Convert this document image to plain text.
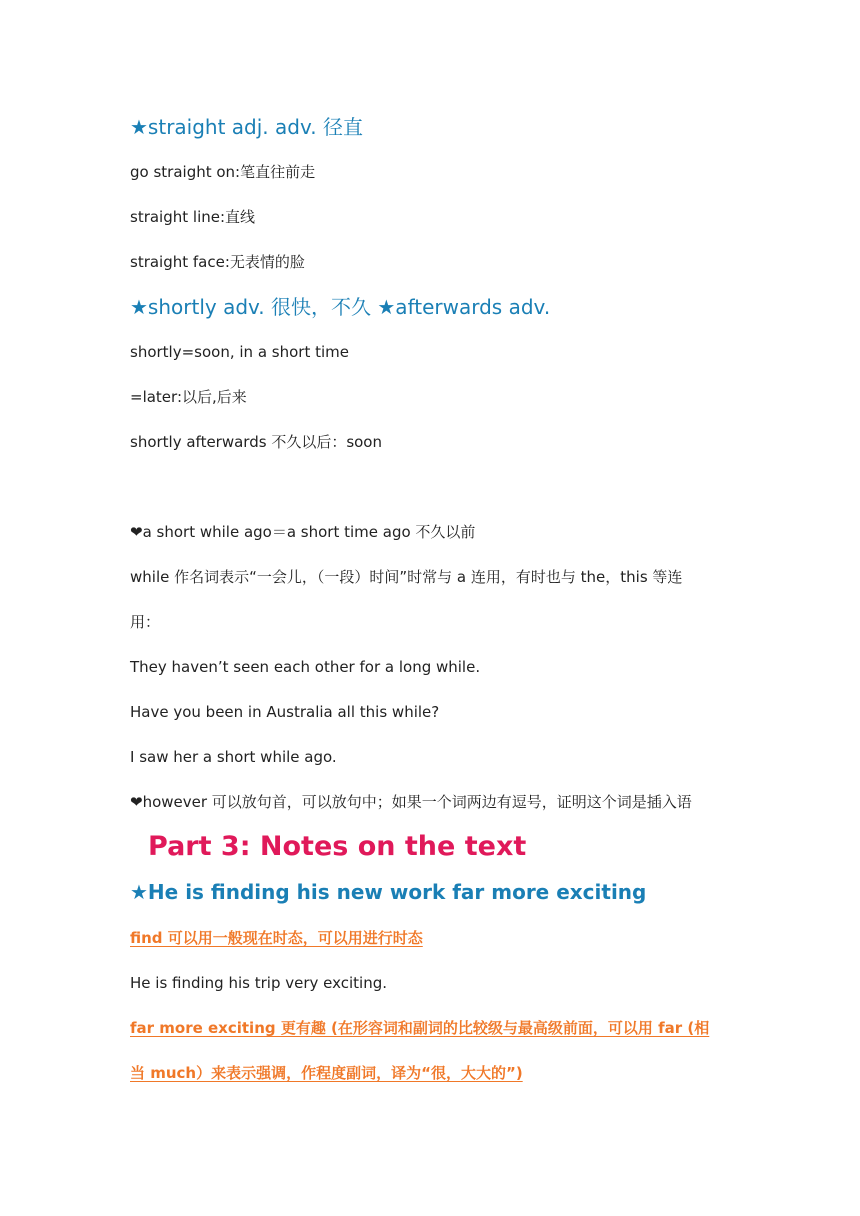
★straight adj. adv. 径直
go straight on:笔直往前走
straight line:直线
straight face:无表情的脸
★shortly adv. 很快，不久 ★afterwards adv.
shortly=soon, in a short time
=later:以后,后来
shortly afterwards 不久以后：soon
❤a short while ago＝a short time ago 不久以前
while 作名词表示“一会儿，（一段）时间”时常与 a 连用，有时也与 the，this 等连
用：
They haven’t seen each other for a long while.
Have you been in Australia all this while?
I saw her a short while ago.
❤however 可以放句首，可以放句中；如果一个词两边有逗号，证明这个词是插入语
Part 3: Notes on the text
★He is finding his new work far more exciting
find 可以用一般现在时态，可以用进行时态
He is finding his trip very exciting.
far more exciting 更有趣 (在形容词和副词的比较级与最高级前面，可以用 far (相
当 much）来表示强调，作程度副词，译为“很，大大的”)
